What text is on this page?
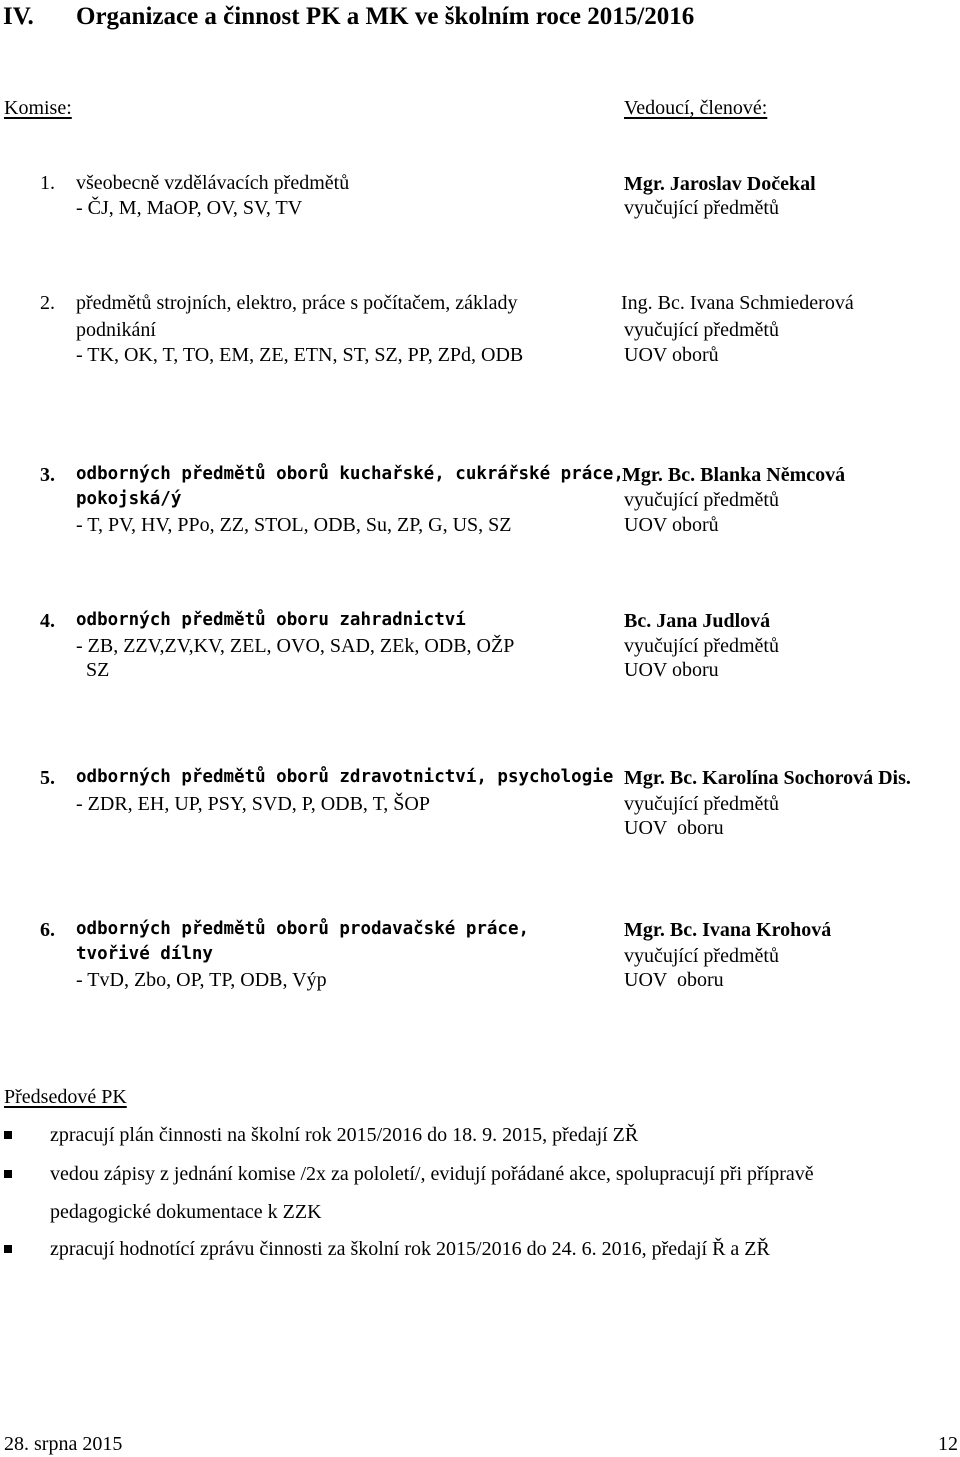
IV. Organizace a činnost PK a MK ve školním roce 2015/2016
Komise:	Vedoucí, členové:
1. všeobecně vzdělávacích předmětů
- ČJ, M, MaOP, OV, SV, TV
Mgr. Jaroslav Dočekal
vyučující předmětů
2. předmětů strojních, elektro, práce s počítačem, základy
podnikání
- TK, OK, T, TO, EM, ZE, ETN, ST, SZ, PP, ZPd, ODB
Ing. Bc. Ivana Schmiederová
vyučující předmětů
UOV oborů
3. odborných předmětů oborů kuchařské, cukrářské práce,
pokojská/ý
- T, PV, HV, PPo, ZZ, STOL, ODB, Su, ZP, G, US, SZ
Mgr. Bc. Blanka Němcová
vyučující předmětů
UOV oborů
4. odborných předmětů oboru zahradnictví
- ZB, ZZV,ZV,KV, ZEL, OVO, SAD, ZEk, ODB, OŽP
SZ
Bc. Jana Judlová
vyučující předmětů
UOV oboru
5. odborných předmětů oborů zdravotnictví, psychologie
- ZDR, EH, UP, PSY, SVD, P, ODB, T, ŠOP
Mgr. Bc. Karolína Sochorová Dis.
vyučující předmětů
UOV  oboru
6. odborných předmětů oborů prodavačské práce,
tvořivé dílny
- TvD, Zbo, OP, TP, ODB, Výp
Mgr. Bc. Ivana Krohová
vyučující předmětů
UOV  oboru
Předsedové PK
zpracují plán činnosti na školní rok 2015/2016 do 18. 9. 2015, předají ZŘ
vedou zápisy z jednání komise /2x za pololetí/, evidují pořádané akce, spolupracují při přípravě
pedagogické dokumentace k ZZK
zpracují hodnotící zprávu činnosti za školní rok 2015/2016 do 24. 6. 2016, předají Ř a ZŘ
28. srpna 2015	12
